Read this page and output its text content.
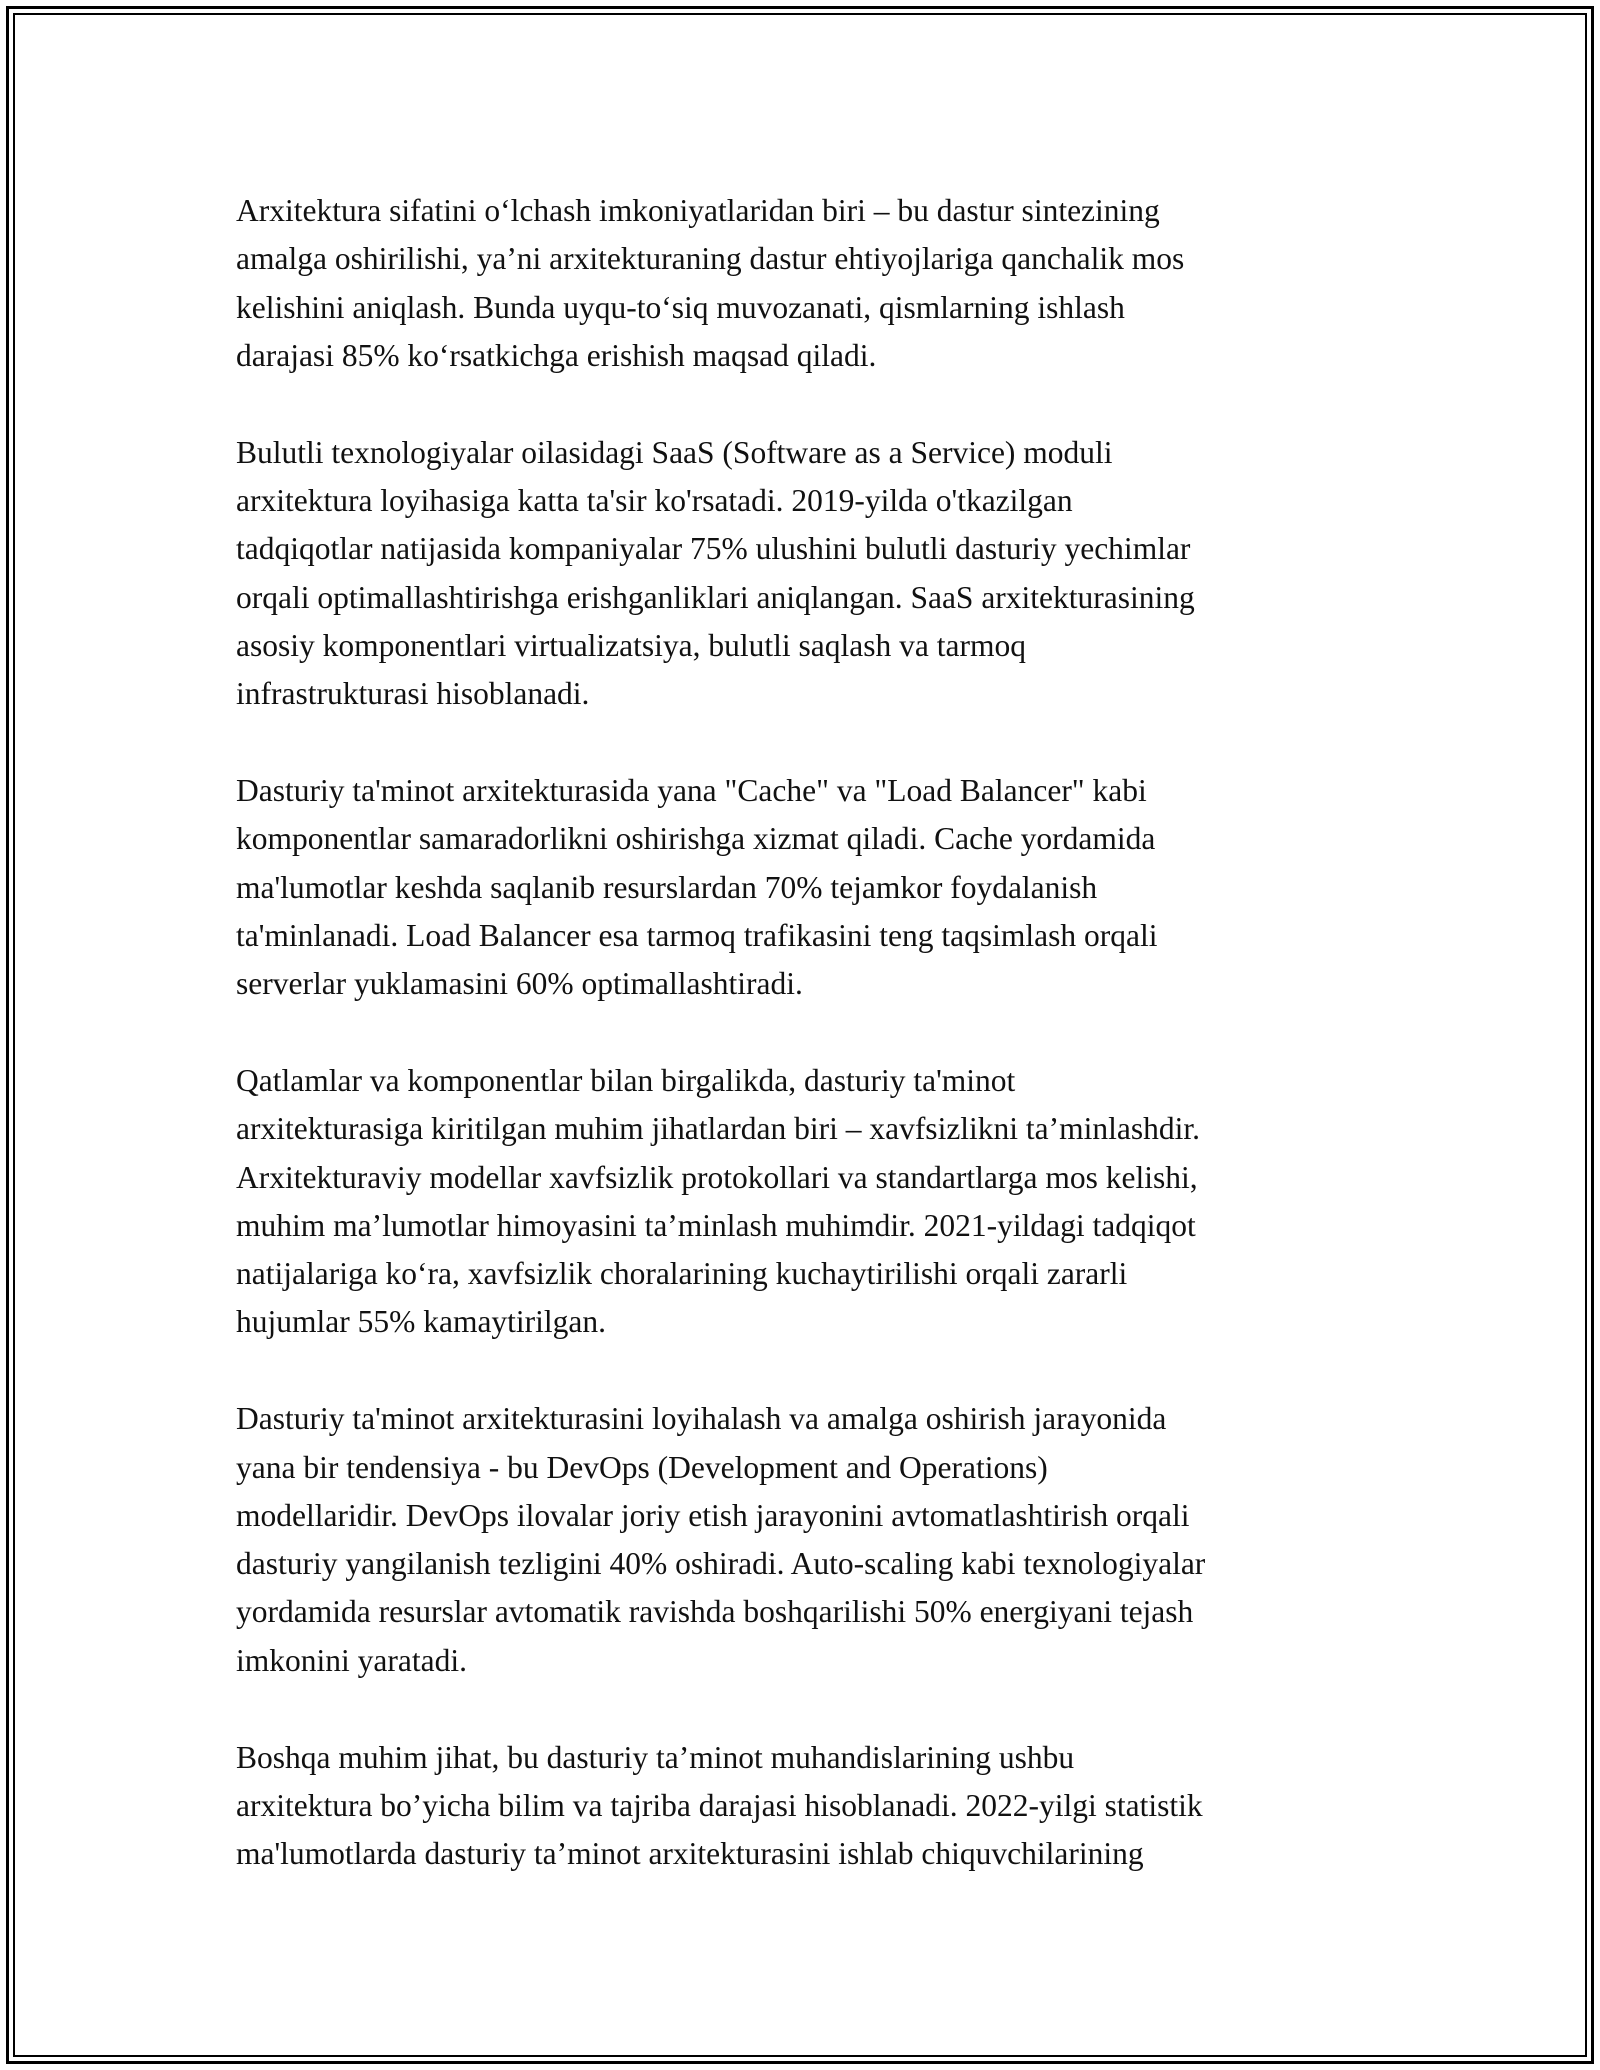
Arxitektura sifatini o‘lchash imkoniyatlaridan biri – bu dastur sintezining
amalga oshirilishi, ya’ni arxitekturaning dastur ehtiyojlariga qanchalik mos
kelishini aniqlash. Bunda uyqu-to‘siq muvozanati, qismlarning ishlash
darajasi 85% ko‘rsatkichga erishish maqsad qiladi.

Bulutli texnologiyalar oilasidagi SaaS (Software as a Service) moduli
arxitektura loyihasiga katta ta'sir ko'rsatadi. 2019-yilda o'tkazilgan
tadqiqotlar natijasida kompaniyalar 75% ulushini bulutli dasturiy yechimlar
orqali optimallashtirishga erishganliklari aniqlangan. SaaS arxitekturasining
asosiy komponentlari virtualizatsiya, bulutli saqlash va tarmoq
infrastrukturasi hisoblanadi.

Dasturiy ta'minot arxitekturasida yana "Cache" va "Load Balancer" kabi
komponentlar samaradorlikni oshirishga xizmat qiladi. Cache yordamida
ma'lumotlar keshda saqlanib resurslardan 70% tejamkor foydalanish
ta'minlanadi. Load Balancer esa tarmoq trafikasini teng taqsimlash orqali
serverlar yuklamasini 60% optimallashtiradi.

Qatlamlar va komponentlar bilan birgalikda, dasturiy ta'minot
arxitekturasiga kiritilgan muhim jihatlardan biri – xavfsizlikni ta’minlashdir.
Arxitekturaviy modellar xavfsizlik protokollari va standartlarga mos kelishi,
muhim ma’lumotlar himoyasini ta’minlash muhimdir. 2021-yildagi tadqiqot
natijalariga ko‘ra, xavfsizlik choralarining kuchaytirilishi orqali zararli
hujumlar 55% kamaytirilgan.

Dasturiy ta'minot arxitekturasini loyihalash va amalga oshirish jarayonida
yana bir tendensiya - bu DevOps (Development and Operations)
modellaridir. DevOps ilovalar joriy etish jarayonini avtomatlashtirish orqali
dasturiy yangilanish tezligini 40% oshiradi. Auto-scaling kabi texnologiyalar
yordamida resurslar avtomatik ravishda boshqarilishi 50% energiyani tejash
imkonini yaratadi.

Boshqa muhim jihat, bu dasturiy ta’minot muhandislarining ushbu
arxitektura bo’yicha bilim va tajriba darajasi hisoblanadi. 2022-yilgi statistik
ma'lumotlarda dasturiy ta’minot arxitekturasini ishlab chiquvchilarining
